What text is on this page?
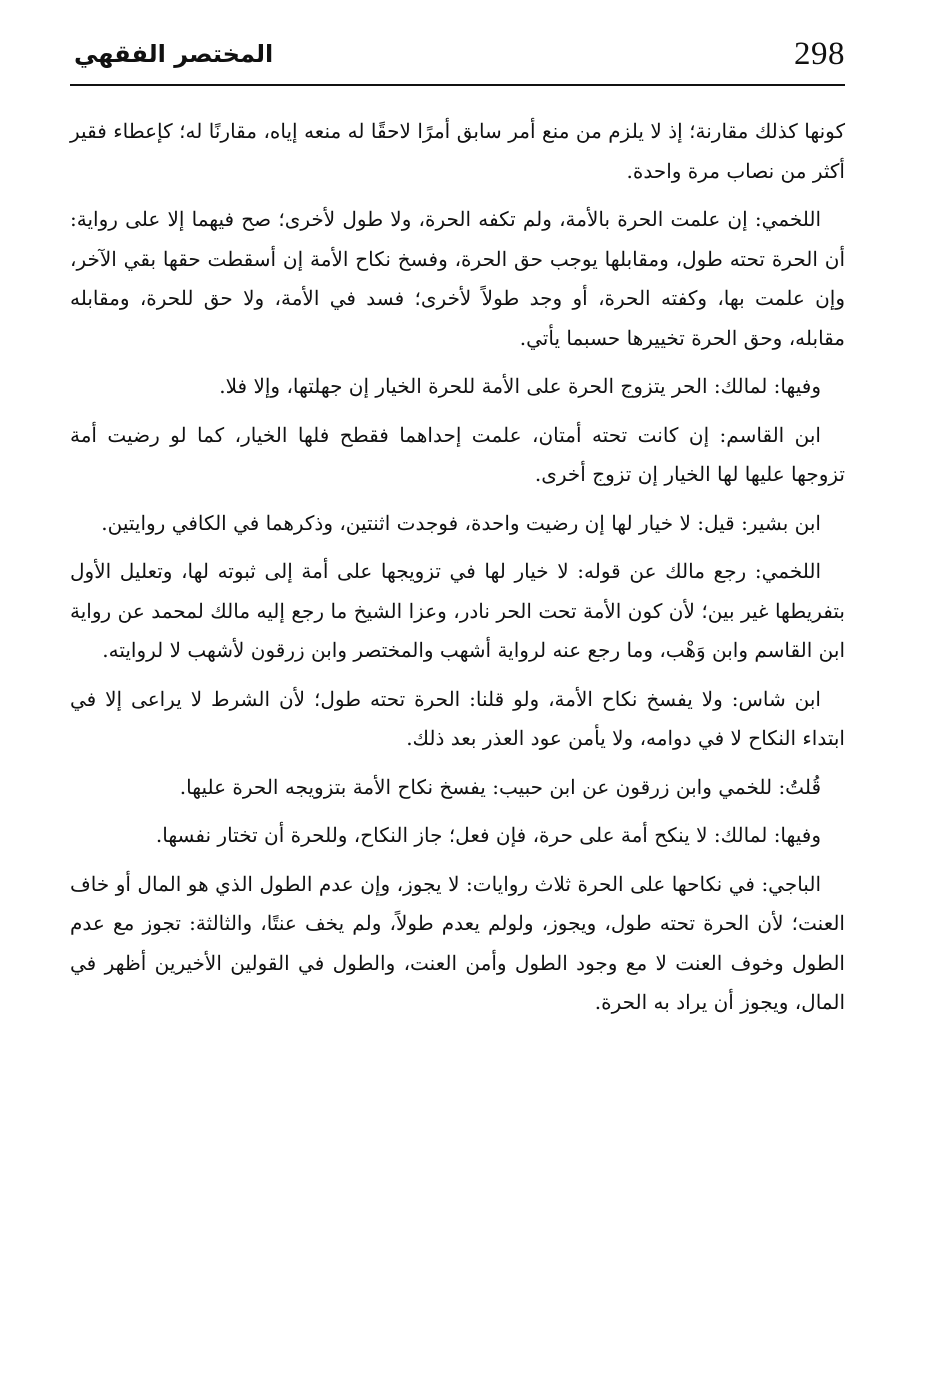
298
المختصر الفقهي

كونها كذلك مقارنة؛ إذ لا يلزم من منع أمر سابق أمرًا لاحقًا له منعه إياه، مقارنًا له؛ كإعطاء فقير أكثر من نصاب مرة واحدة.

اللخمي: إن علمت الحرة بالأمة، ولم تكفه الحرة، ولا طول لأخرى؛ صح فيهما إلا على رواية: أن الحرة تحته طول، ومقابلها يوجب حق الحرة، وفسخ نكاح الأمة إن أسقطت حقها بقي الآخر، وإن علمت بها، وكفته الحرة، أو وجد طولاً لأخرى؛ فسد في الأمة، ولا حق للحرة، ومقابله مقابله، وحق الحرة تخييرها حسبما يأتي.

وفيها: لمالك: الحر يتزوج الحرة على الأمة للحرة الخيار إن جهلتها، وإلا فلا.

ابن القاسم: إن كانت تحته أمتان، علمت إحداهما فقطح فلها الخيار، كما لو رضيت أمة تزوجها عليها لها الخيار إن تزوج أخرى.

ابن بشير: قيل: لا خيار لها إن رضيت واحدة، فوجدت اثنتين، وذكرهما في الكافي روايتين.

اللخمي: رجع مالك عن قوله: لا خيار لها في تزويجها على أمة إلى ثبوته لها، وتعليل الأول بتفريطها غير بين؛ لأن كون الأمة تحت الحر نادر، وعزا الشيخ ما رجع إليه مالك لمحمد عن رواية ابن القاسم وابن وَهْب، وما رجع عنه لرواية أشهب والمختصر وابن زرقون لأشهب لا لروايته.

ابن شاس: ولا يفسخ نكاح الأمة، ولو قلنا: الحرة تحته طول؛ لأن الشرط لا يراعى إلا في ابتداء النكاح لا في دوامه، ولا يأمن عود العذر بعد ذلك.

قُلتُ: للخمي وابن زرقون عن ابن حبيب: يفسخ نكاح الأمة بتزويجه الحرة عليها.

وفيها: لمالك: لا ينكح أمة على حرة، فإن فعل؛ جاز النكاح، وللحرة أن تختار نفسها.

الباجي: في نكاحها على الحرة ثلاث روايات: لا يجوز، وإن عدم الطول الذي هو المال أو خاف العنت؛ لأن الحرة تحته طول، ويجوز، ولولم يعدم طولاً، ولم يخف عنتًا، والثالثة: تجوز مع عدم الطول وخوف العنت لا مع وجود الطول وأمن العنت، والطول في القولين الأخيرين أظهر في المال، ويجوز أن يراد به الحرة.
